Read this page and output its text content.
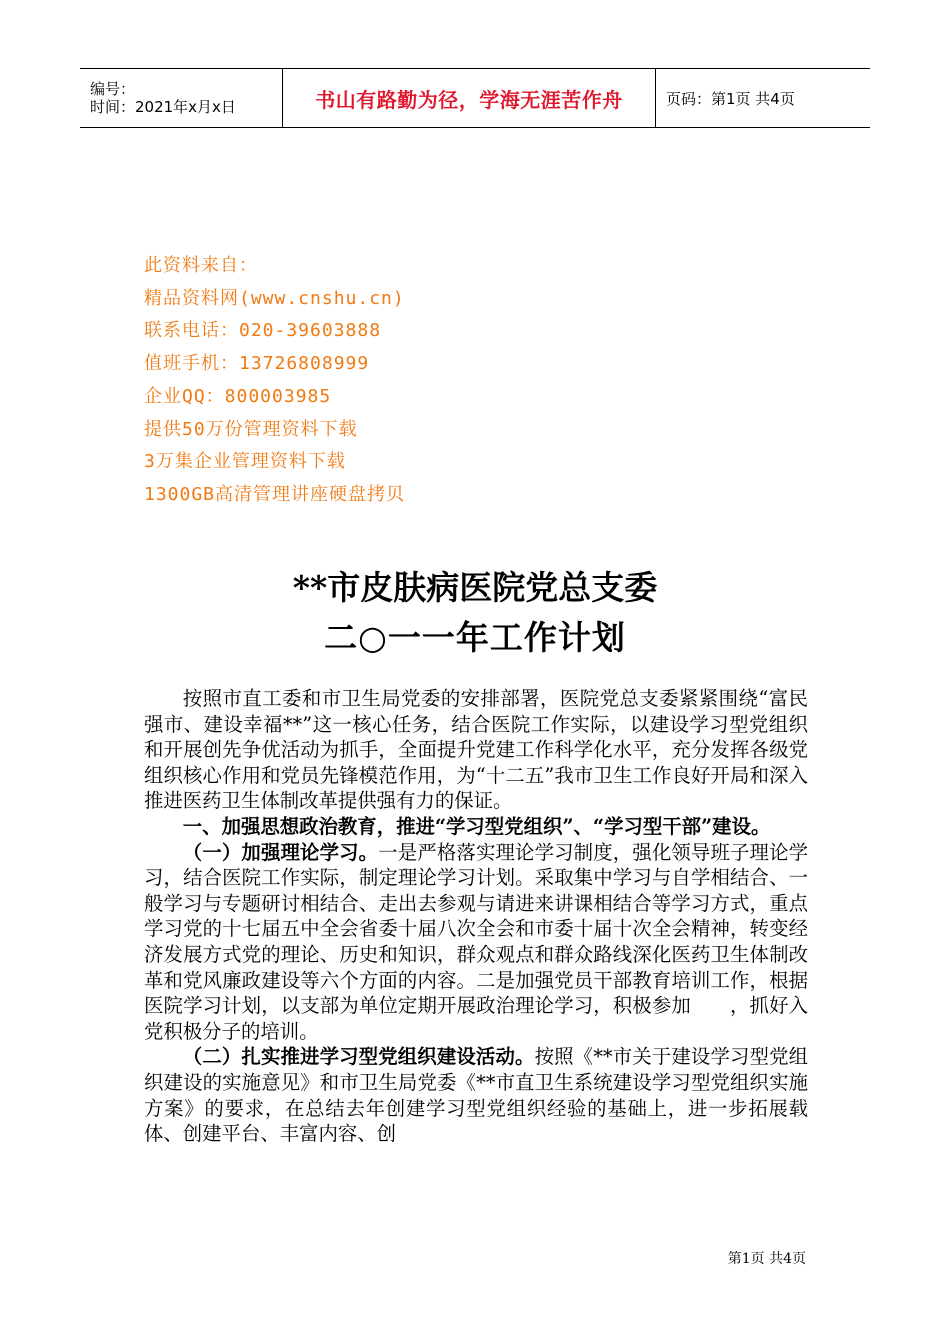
编号：
时间：2021年x月x日	书山有路勤为径，学海无涯苦作舟	页码：第1页 共4页
此资料来自：
精品资料网(www.cnshu.cn)
联系电话：020-39603888
值班手机：13726808999
企业QQ：800003985
提供50万份管理资料下载
3万集企业管理资料下载
1300GB高清管理讲座硬盘拷贝
**市皮肤病医院党总支委
二○一一年工作计划

按照市直工委和市卫生局党委的安排部署，医院党总支委紧紧围绕“富民强市、建设幸福**”这一核心任务，结合医院工作实际，以建设学习型党组织和开展创先争优活动为抓手，全面提升党建工作科学化水平，充分发挥各级党组织核心作用和党员先锋模范作用，为“十二五”我市卫生工作良好开局和深入推进医药卫生体制改革提供强有力的保证。

一、加强思想政治教育，推进“学习型党组织”、“学习型干部”建设。

（一）加强理论学习。一是严格落实理论学习制度，强化领导班子理论学习，结合医院工作实际，制定理论学习计划。采取集中学习与自学相结合、一般学习与专题研讨相结合、走出去参观与请进来讲课相结合等学习方式，重点学习党的十七届五中全会省委十届八次全会和市委十届十次全会精神，转变经济发展方式党的理论、历史和知识，群众观点和群众路线深化医药卫生体制改革和党风廉政建设等六个方面的内容。二是加强党员干部教育培训工作，根据医院学习计划，以支部为单位定期开展政治理论学习，积极参加　　，抓好入党积极分子的培训。

（二）扎实推进学习型党组织建设活动。按照《**市关于建设学习型党组织建设的实施意见》和市卫生局党委《**市直卫生系统建设学习型党组织实施方案》的要求，在总结去年创建学习型党组织经验的基础上，进一步拓展载体、创建平台、丰富内容、创

第1页 共4页
